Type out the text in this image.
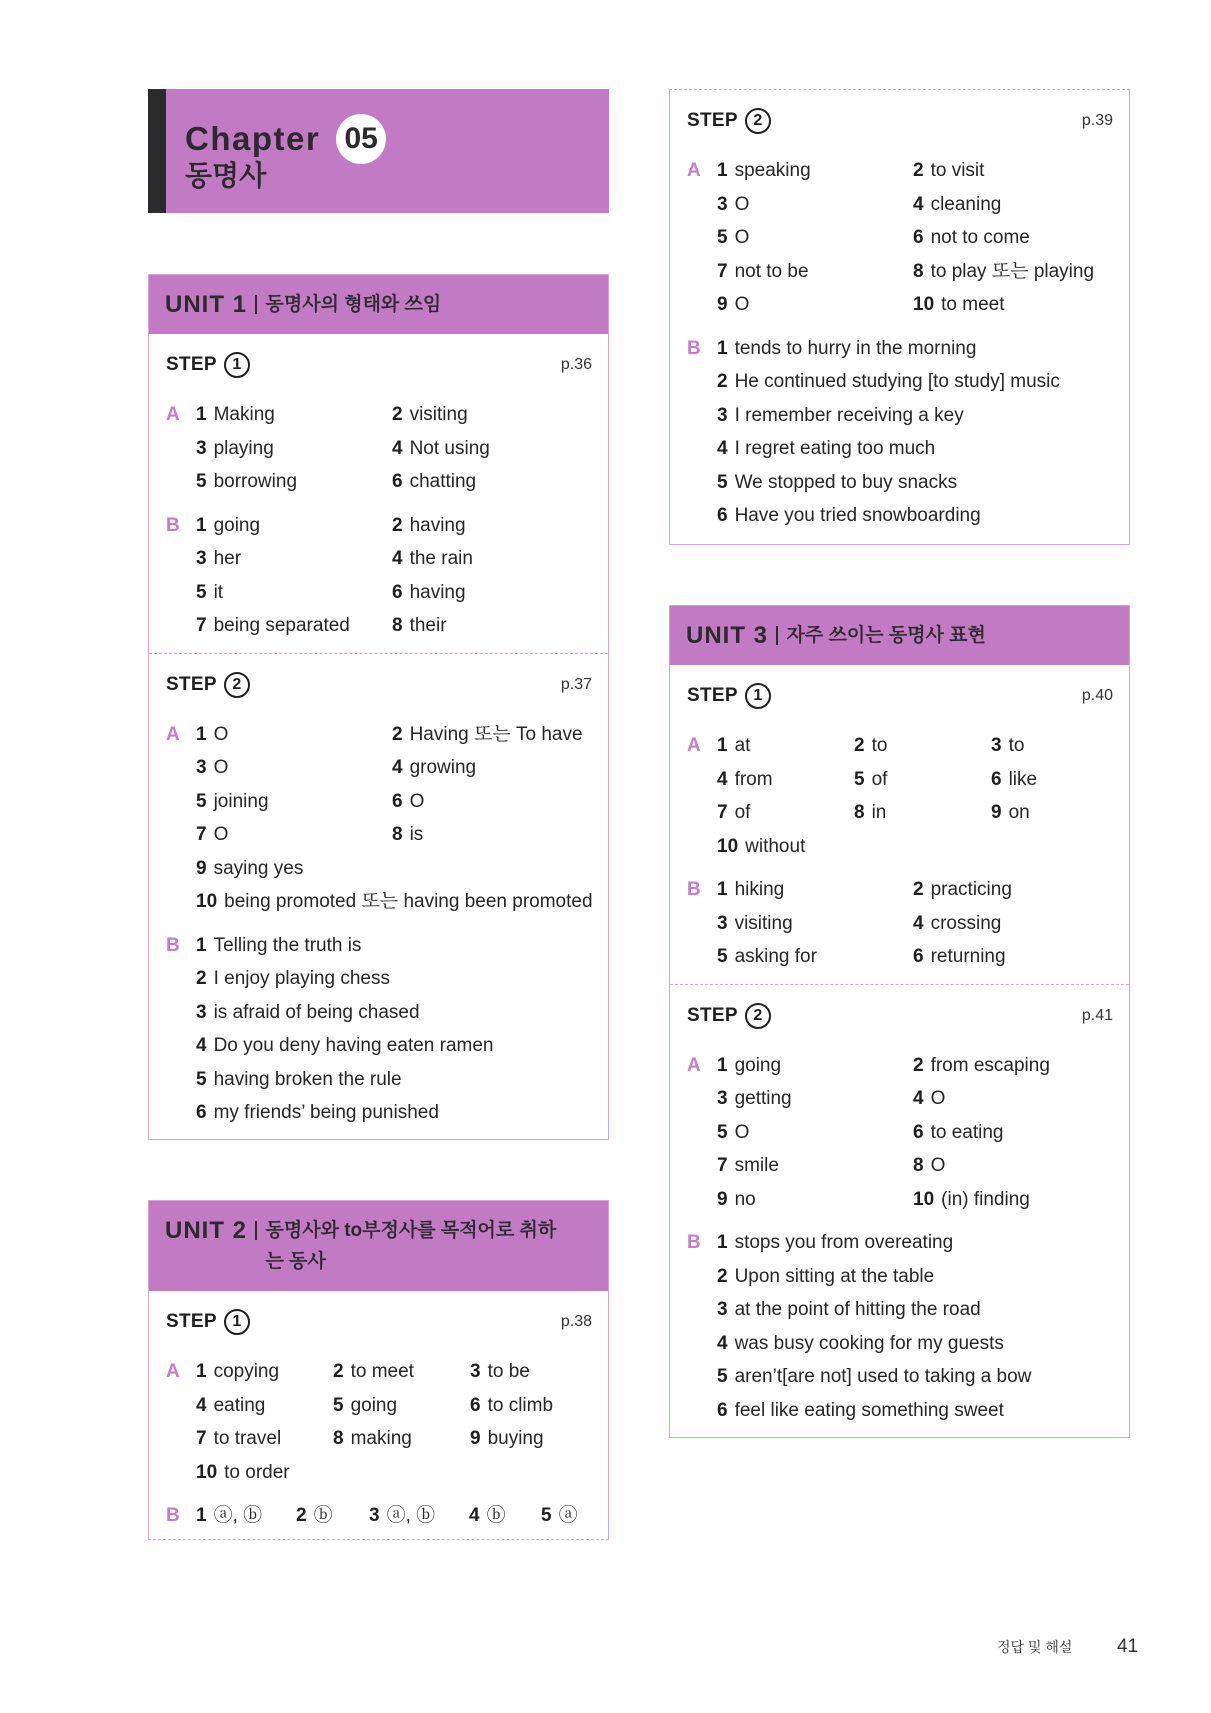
Chapter 05
동명사
UNIT 1 동명사의 형태와 쓰임
STEP 1	p.36
A 1 Making	2 visiting
3 playing	4 Not using
5 borrowing	6 chatting
B 1 going	2 having
3 her	4 the rain
5 it	6 having
7 being separated	8 their
STEP 2	p.37
A 1 O	2 Having 또는 To have
3 O	4 growing
5 joining	6 O
7 O	8 is
9 saying yes
10 being promoted 또는 having been promoted
B 1 Telling the truth is
2 I enjoy playing chess
3 is afraid of being chased
4 Do you deny having eaten ramen
5 having broken the rule
6 my friends’ being punished
UNIT 2 동명사와 to부정사를 목적어로 취하는 동사
STEP 1	p.38
A 1 copying	2 to meet	3 to be
4 eating	5 going	6 to climb
7 to travel	8 making	9 buying
10 to order
B 1 ⓐ, ⓑ	2 ⓑ	3 ⓐ, ⓑ	4 ⓑ	5 ⓐ
STEP 2	p.39
A 1 speaking	2 to visit
3 O	4 cleaning
5 O	6 not to come
7 not to be	8 to play 또는 playing
9 O	10 to meet
B 1 tends to hurry in the morning
2 He continued studying [to study] music
3 I remember receiving a key
4 I regret eating too much
5 We stopped to buy snacks
6 Have you tried snowboarding
UNIT 3 자주 쓰이는 동명사 표현
STEP 1	p.40
A 1 at	2 to	3 to
4 from	5 of	6 like
7 of	8 in	9 on
10 without
B 1 hiking	2 practicing
3 visiting	4 crossing
5 asking for	6 returning
STEP 2	p.41
A 1 going	2 from escaping
3 getting	4 O
5 O	6 to eating
7 smile	8 O
9 no	10 (in) finding
B 1 stops you from overeating
2 Upon sitting at the table
3 at the point of hitting the road
4 was busy cooking for my guests
5 aren’t[are not] used to taking a bow
6 feel like eating something sweet
정답 및 해설 41
